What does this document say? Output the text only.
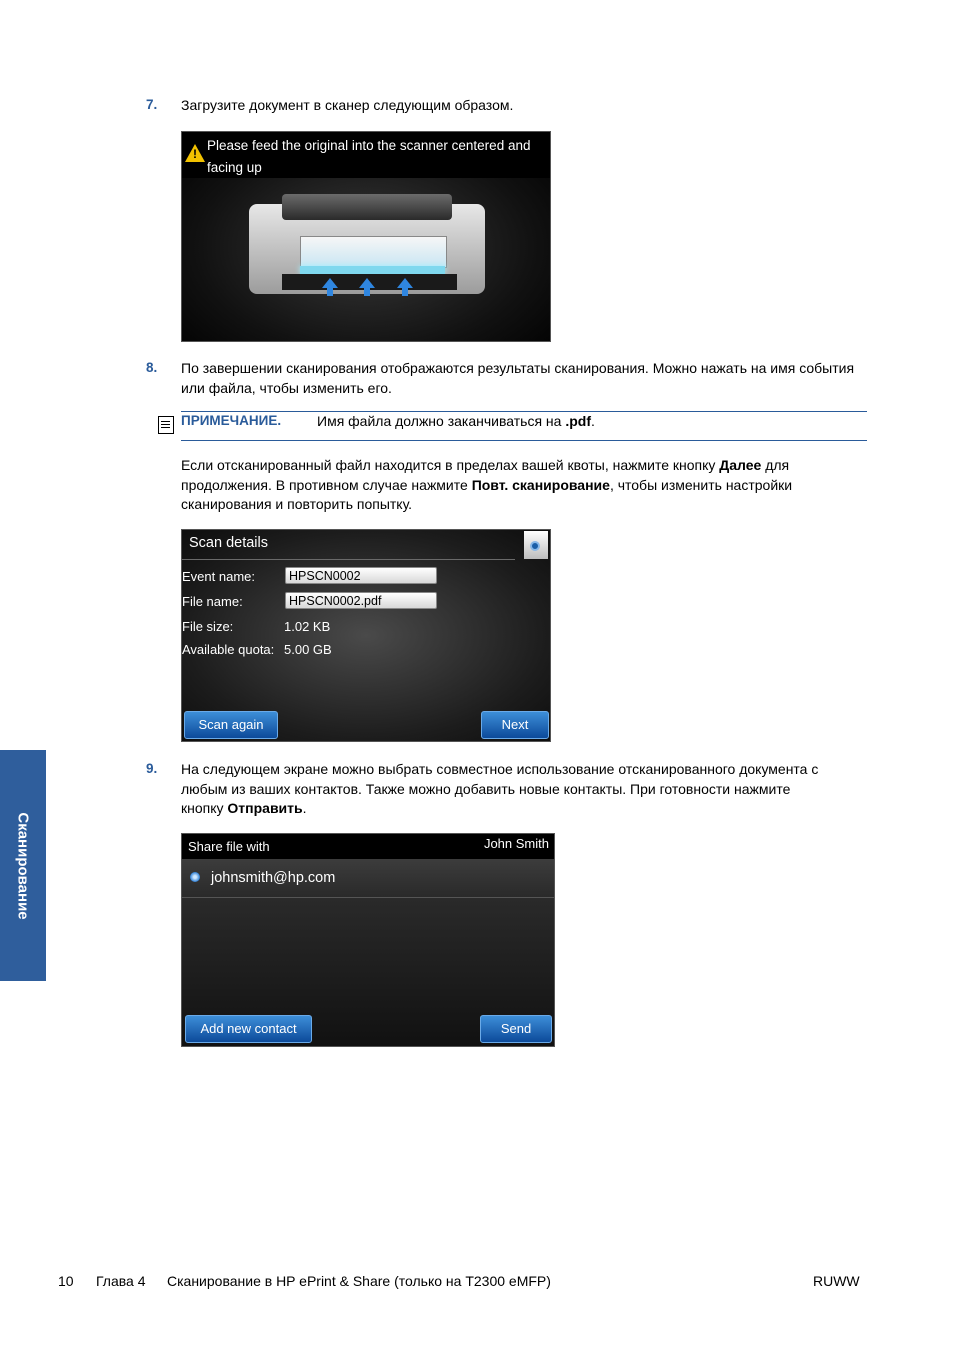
Сканирование
7. Загрузите документ в сканер следующим образом.
!
Please feed the original into the scanner centered and facing up
8. По завершении сканирования отображаются результаты сканирования. Можно нажать на имя события или файла, чтобы изменить его.
ПРИМЕЧАНИЕ.	Имя файла должно заканчиваться на .pdf.
Если отсканированный файл находится в пределах вашей квоты, нажмите кнопку Далее для продолжения. В противном случае нажмите Повт. сканирование, чтобы изменить настройки сканирования и повторить попытку.
Scan details
Event name:	HPSCN0002
File name:	HPSCN0002.pdf
File size:	1.02 KB
Available quota: 5.00 GB
Scan again	Next
9. На следующем экране можно выбрать совместное использование отсканированного документа с любым из ваших контактов. Также можно добавить новые контакты. При готовности нажмите кнопку Отправить.
Share file with	John Smith
johnsmith@hp.com
Add new contact	Send
10 Глава 4 Сканирование в HP ePrint & Share (только на T2300 eMFP)	RUWW
